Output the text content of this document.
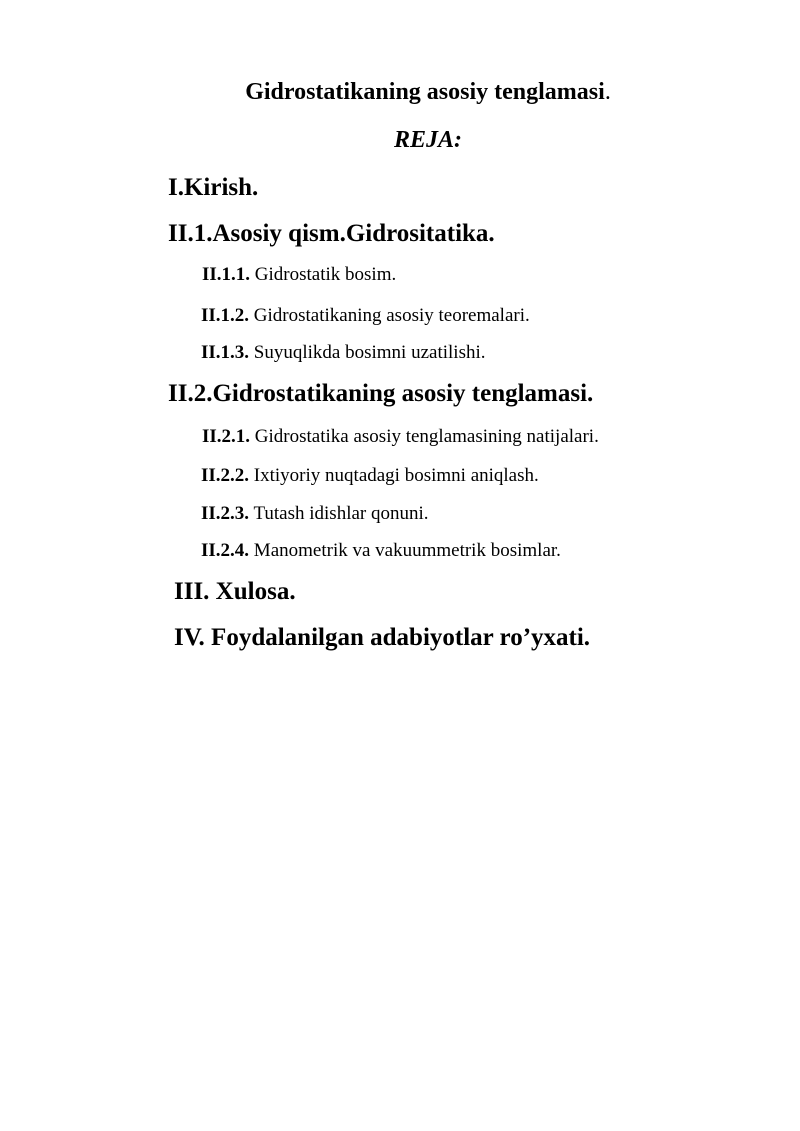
Gidrostatikaning asosiy tenglamasi.
REJA:
I.Kirish.
II.1.Asosiy qism.Gidrositatika.
II.1.1. Gidrostatik bosim.
II.1.2. Gidrostatikaning asosiy teoremalari.
II.1.3. Suyuqlikda bosimni uzatilishi.
II.2.Gidrostatikaning asosiy tenglamasi.
II.2.1. Gidrostatika asosiy tenglamasining natijalari.
II.2.2. Ixtiyoriy nuqtadagi bosimni aniqlash.
II.2.3. Tutash idishlar qonuni.
II.2.4. Manometrik va vakuummetrik bosimlar.
III. Xulosa.
IV. Foydalanilgan adabiyotlar ro’yxati.
